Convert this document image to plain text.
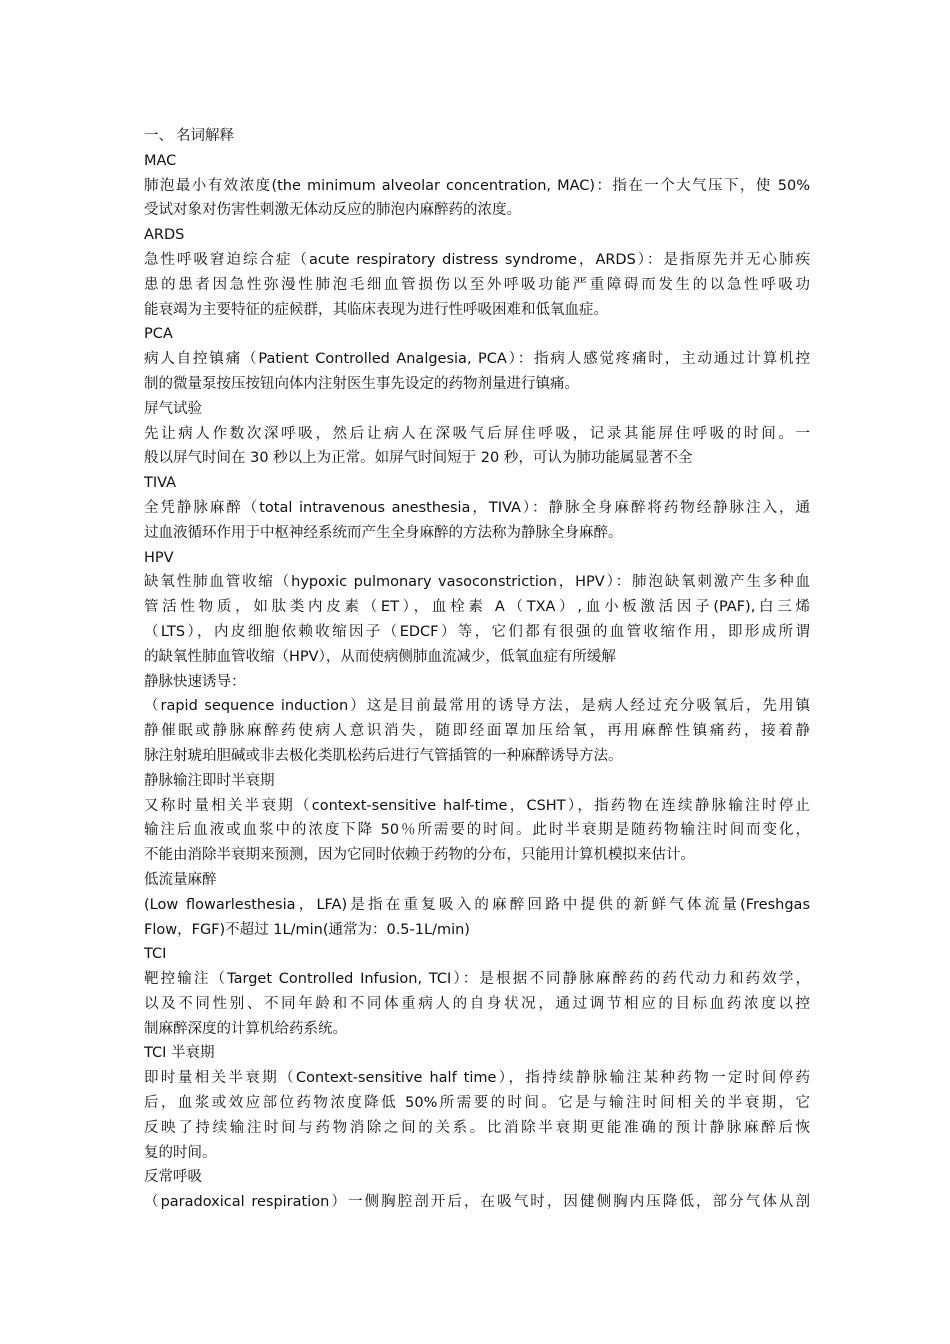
一、 名词解释
MAC
肺泡最小有效浓度(the minimum alveolar concentration, MAC)：指在一个大气压下，使 50%
受试对象对伤害性刺激无体动反应的肺泡内麻醉药的浓度。
ARDS
急性呼吸窘迫综合症（acute respiratory distress syndrome，ARDS）：是指原先并无心肺疾
患的患者因急性弥漫性肺泡毛细血管损伤以至外呼吸功能严重障碍而发生的以急性呼吸功
能衰竭为主要特征的症候群，其临床表现为进行性呼吸困难和低氧血症。
PCA
病人自控镇痛（Patient Controlled Analgesia, PCA）：指病人感觉疼痛时，主动通过计算机控
制的微量泵按压按钮向体内注射医生事先设定的药物剂量进行镇痛。
屏气试验
先让病人作数次深呼吸，然后让病人在深吸气后屏住呼吸，记录其能屏住呼吸的时间。一
般以屏气时间在 30 秒以上为正常。如屏气时间短于 20 秒，可认为肺功能属显著不全
TIVA
全凭静脉麻醉（total intravenous anesthesia，TIVA）：静脉全身麻醉将药物经静脉注入，通
过血液循环作用于中枢神经系统而产生全身麻醉的方法称为静脉全身麻醉。
HPV
缺氧性肺血管收缩（hypoxic pulmonary vasoconstriction，HPV）：肺泡缺氧刺激产生多种血
管活性物质，如肽类内皮素（ET），血栓素 A（TXA）,血小板激活因子(PAF),白三烯
（LTS），内皮细胞依赖收缩因子（EDCF）等，它们都有很强的血管收缩作用，即形成所谓
的缺氧性肺血管收缩（HPV），从而使病侧肺血流减少，低氧血症有所缓解
静脉快速诱导：
（rapid sequence induction）这是目前最常用的诱导方法，是病人经过充分吸氧后，先用镇
静催眠或静脉麻醉药使病人意识消失，随即经面罩加压给氧，再用麻醉性镇痛药，接着静
脉注射琥珀胆碱或非去极化类肌松药后进行气管插管的一种麻醉诱导方法。
静脉输注即时半衰期
又称时量相关半衰期（context-sensitive half-time，CSHT），指药物在连续静脉输注时停止
输注后血液或血浆中的浓度下降 50％所需要的时间。此时半衰期是随药物输注时间而变化，
不能由消除半衰期来预测，因为它同时依赖于药物的分布，只能用计算机模拟来估计。
低流量麻醉
(Low flowarlesthesia，LFA)是指在重复吸入的麻醉回路中提供的新鲜气体流量(Freshgas
Flow，FGF)不超过 1L/min(通常为：0.5-1L/min)
TCI
靶控输注（Target Controlled Infusion, TCI）：是根据不同静脉麻醉药的药代动力和药效学，
以及不同性别、不同年龄和不同体重病人的自身状况，通过调节相应的目标血药浓度以控
制麻醉深度的计算机给药系统。
TCI 半衰期
即时量相关半衰期（Context-sensitive half time），指持续静脉输注某种药物一定时间停药
后，血浆或效应部位药物浓度降低 50%所需要的时间。它是与输注时间相关的半衰期，它
反映了持续输注时间与药物消除之间的关系。比消除半衰期更能准确的预计静脉麻醉后恢
复的时间。
反常呼吸
（paradoxical respiration）一侧胸腔剖开后，在吸气时，因健侧胸内压降低，部分气体从剖
